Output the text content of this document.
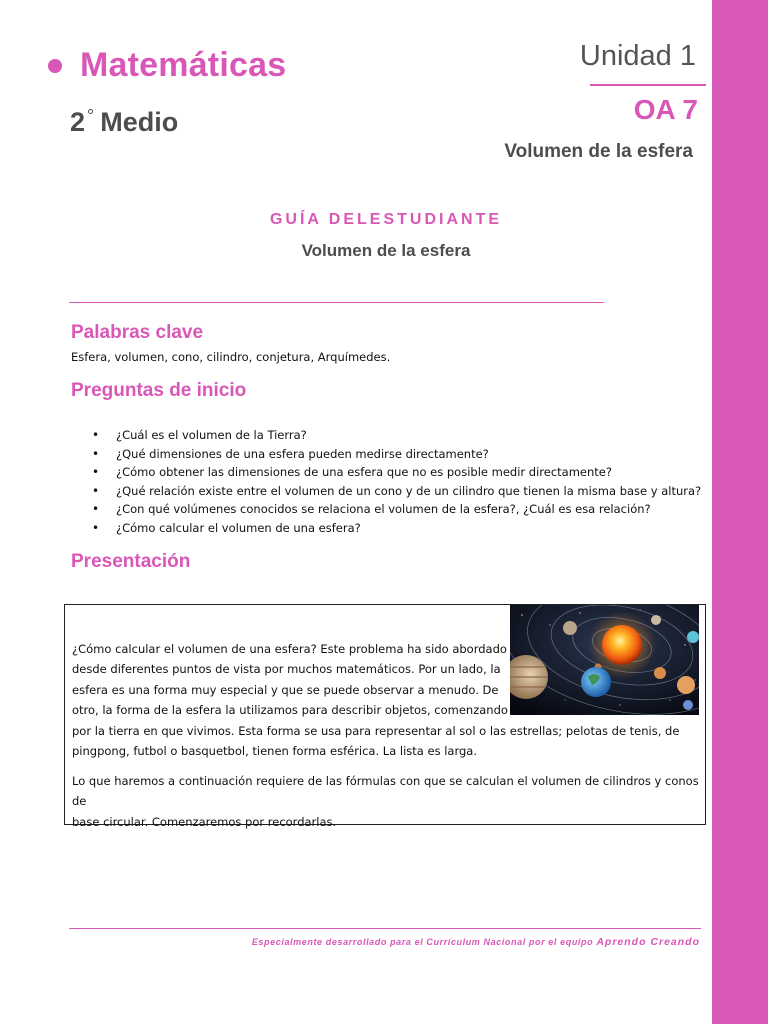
Matemáticas
2 ° Medio
Unidad 1
OA 7
Volumen de la esfera
GUÍA DELESTUDIANTE
Volumen de la esfera
Palabras clave
Esfera, volumen, cono, cilindro, conjetura, Arquímedes.
Preguntas de inicio
• ¿Cuál es el volumen de la Tierra?
• ¿Qué dimensiones de una esfera pueden medirse directamente?
• ¿Cómo obtener las dimensiones de una esfera que no es posible medir directamente?
• ¿Qué relación existe entre el volumen de un cono y de un cilindro que tienen la misma base y altura?
• ¿Con qué volúmenes conocidos se relaciona el volumen de la esfera?, ¿Cuál es esa relación?
• ¿Cómo calcular el volumen de una esfera?
Presentación

¿Cómo calcular el volumen de una esfera? Este problema ha sido abordado
desde diferentes puntos de vista por muchos matemáticos. Por un lado, la
esfera es una forma muy especial y que se puede observar a menudo. De
otro, la forma de la esfera la utilizamos para describir objetos, comenzando
por la tierra en que vivimos. Esta forma se usa para representar al sol o las estrellas; pelotas de tenis, de
pingpong, futbol o basquetbol, tienen forma esférica. La lista es larga.

Lo que haremos a continuación requiere de las fórmulas con que se calculan el volumen de cilindros y conos de
base circular. Comenzaremos por recordarlas.

Especialmente desarrollado para el Currículum Nacional por el equipo Aprendo Creando
